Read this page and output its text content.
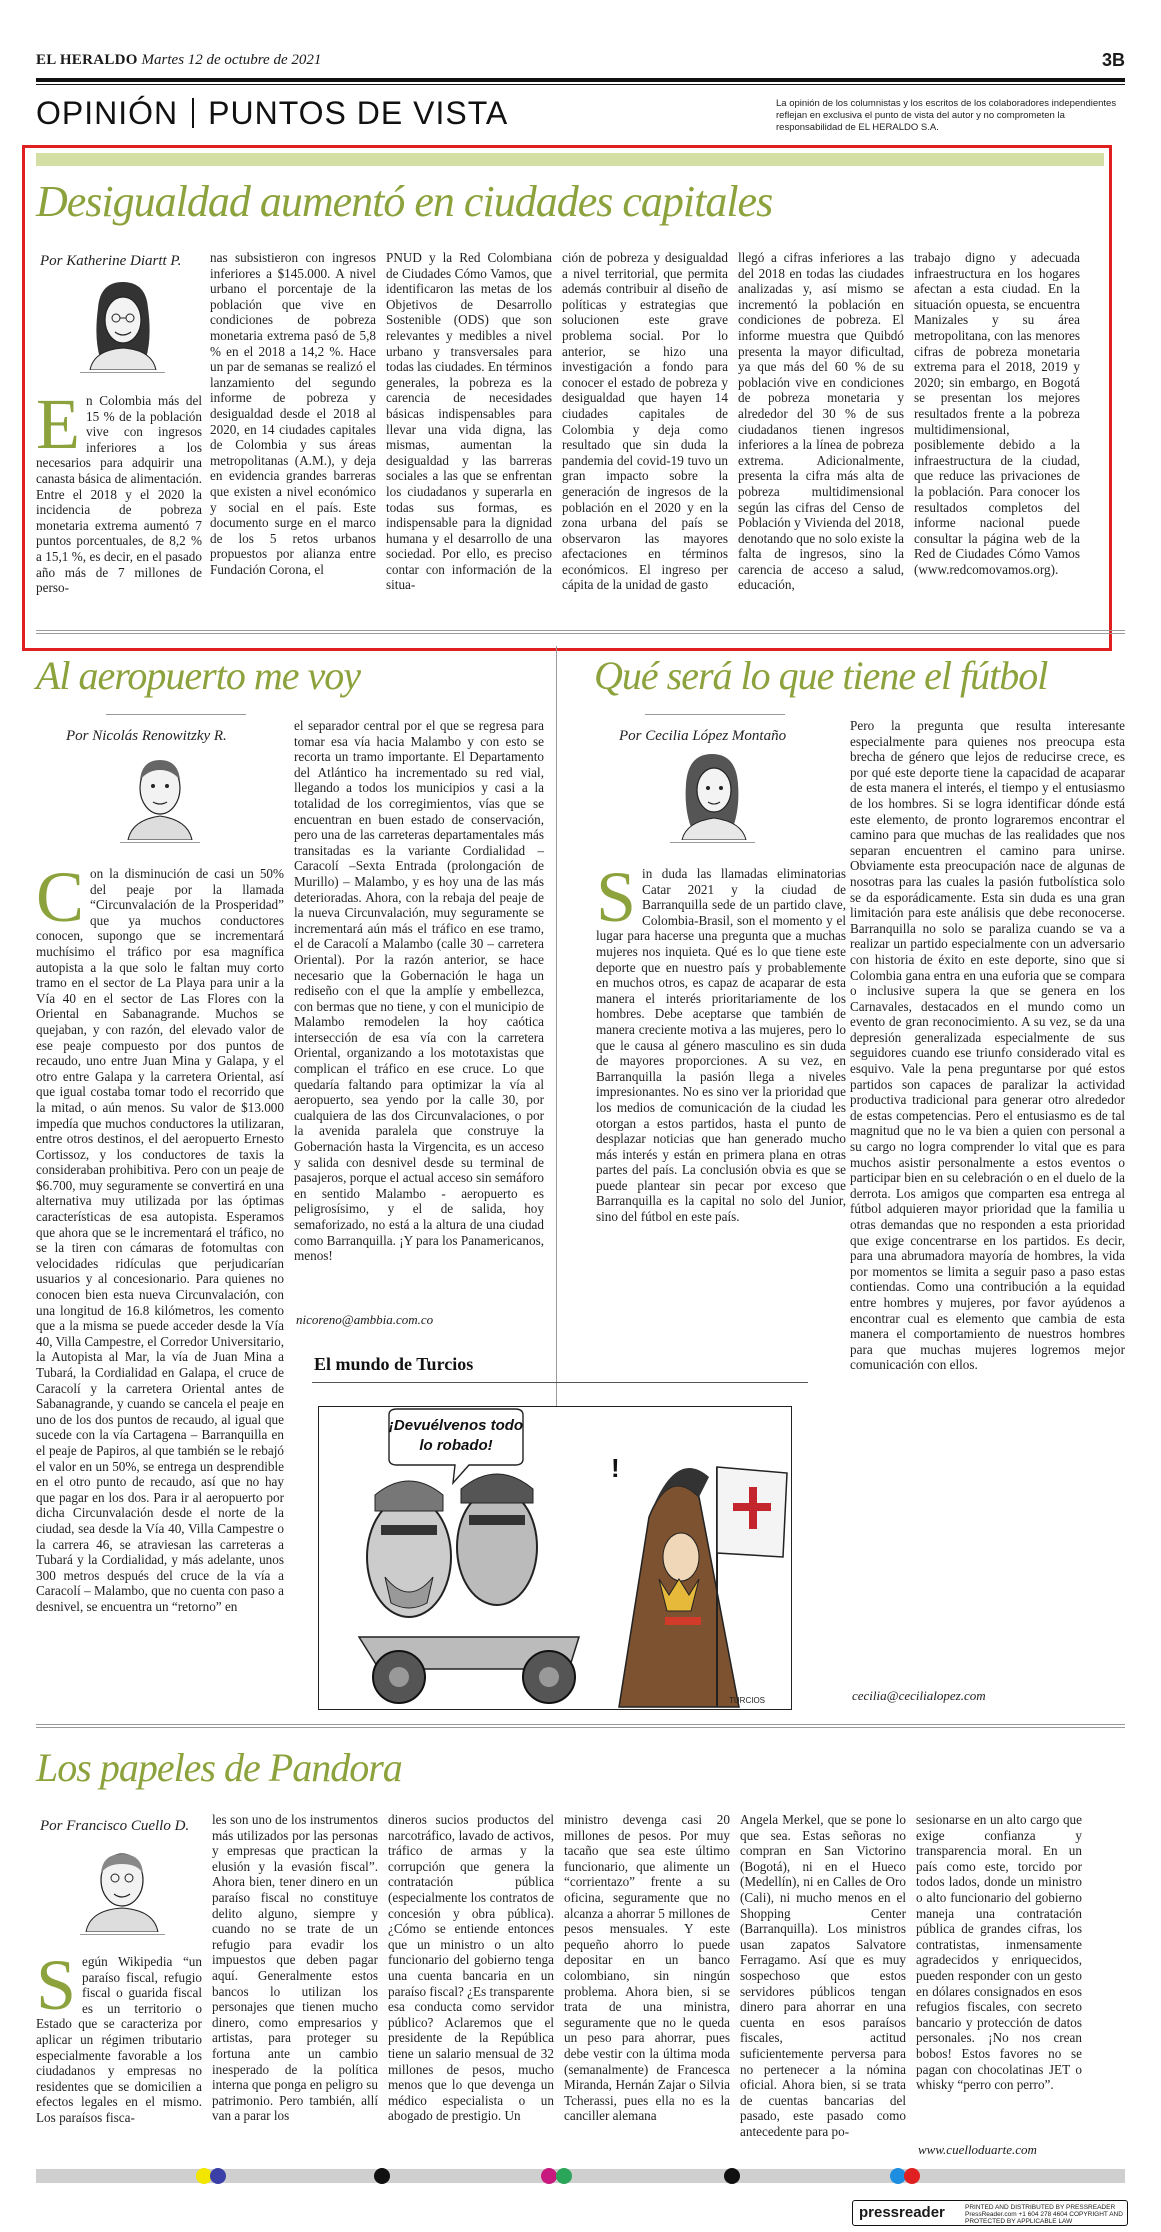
EL HERALDO Martes 12 de octubre de 2021	3B
OPINIÓN PUNTOS DE VISTA	La opinión de los columnistas y los escritos de los colaboradores independientes reflejan en exclusiva el punto de vista del autor y no comprometen la responsabilidad de EL HERALDO S.A.
Desigualdad aumentó en ciudades capitales
Por Katherine Diartt P.
En Colombia más del 15 % de la población vive con ingresos inferiores a los necesarios para adquirir una canasta básica de alimentación. Entre el 2018 y el 2020 la incidencia de pobreza monetaria extrema aumentó 7 puntos porcentuales, de 8,2 % a 15,1 %, es decir, en el pasado año más de 7 millones de perso-
nas subsistieron con ingresos inferiores a $145.000. A nivel urbano el porcentaje de la población que vive en condiciones de pobreza monetaria extrema pasó de 5,8 % en el 2018 a 14,2 %. Hace un par de semanas se realizó el lanzamiento del segundo informe de pobreza y desigualdad desde el 2018 al 2020, en 14 ciudades capitales de Colombia y sus áreas metropolitanas (A.M.), y deja en evidencia grandes barreras que existen a nivel económico y social en el país. Este documento surge en el marco de los 5 retos urbanos propuestos por alianza entre Fundación Corona, el
PNUD y la Red Colombiana de Ciudades Cómo Vamos, que identificaron las metas de los Objetivos de Desarrollo Sostenible (ODS) que son relevantes y medibles a nivel urbano y transversales para todas las ciudades. En términos generales, la pobreza es la carencia de necesidades básicas indispensables para llevar una vida digna, las mismas, aumentan la desigualdad y las barreras sociales a las que se enfrentan los ciudadanos y superarla en todas sus formas, es indispensable para la dignidad humana y el desarrollo de una sociedad. Por ello, es preciso contar con información de la situa-
ción de pobreza y desigualdad a nivel territorial, que permita además contribuir al diseño de políticas y estrategias que solucionen este grave problema social. Por lo anterior, se hizo una investigación a fondo para conocer el estado de pobreza y desigualdad que hayen 14 ciudades capitales de Colombia y deja como resultado que sin duda la pandemia del covid-19 tuvo un gran impacto sobre la generación de ingresos de la población en el 2020 y en la zona urbana del país se observaron las mayores afectaciones en términos económicos. El ingreso per cápita de la unidad de gasto
llegó a cifras inferiores a las del 2018 en todas las ciudades analizadas y, así mismo se incrementó la población en condiciones de pobreza. El informe muestra que Quibdó presenta la mayor dificultad, ya que más del 60 % de su población vive en condiciones de pobreza monetaria y alrededor del 30 % de sus ciudadanos tienen ingresos inferiores a la línea de pobreza extrema. Adicionalmente, presenta la cifra más alta de pobreza multidimensional según las cifras del Censo de Población y Vivienda del 2018, denotando que no solo existe la falta de ingresos, sino la carencia de acceso a salud, educación,
trabajo digno y adecuada infraestructura en los hogares afectan a esta ciudad. En la situación opuesta, se encuentra Manizales y su área metropolitana, con las menores cifras de pobreza monetaria extrema para el 2018, 2019 y 2020; sin embargo, en Bogotá se presentan los mejores resultados frente a la pobreza multidimensional, posiblemente debido a la infraestructura de la ciudad, que reduce las privaciones de la población. Para conocer los resultados completos del informe nacional puede consultar la página web de la Red de Ciudades Cómo Vamos (www.redcomovamos.org).
Al aeropuerto me voy
Por Nicolás Renowitzky R.
Con la disminución de casi un 50% del peaje por la llamada “Circunvalación de la Prosperidad” que ya muchos conductores conocen, supongo que se incrementará muchísimo el tráfico por esa magnífica autopista a la que solo le faltan muy corto tramo en el sector de La Playa para unir a la Vía 40 en el sector de Las Flores con la Oriental en Sabanagrande. Muchos se quejaban, y con razón, del elevado valor de ese peaje compuesto por dos puntos de recaudo, uno entre Juan Mina y Galapa, y el otro entre Galapa y la carretera Oriental, así que igual costaba tomar todo el recorrido que la mitad, o aún menos. Su valor de $13.000 impedía que muchos conductores la utilizaran, entre otros destinos, el del aeropuerto Ernesto Cortissoz, y los conductores de taxis la consideraban prohibitiva. Pero con un peaje de $6.700, muy seguramente se convertirá en una alternativa muy utilizada por las óptimas características de esa autopista. Esperamos que ahora que se le incrementará el tráfico, no se la tiren con cámaras de fotomultas con velocidades ridículas que perjudicarían usuarios y al concesionario. Para quienes no conocen bien esta nueva Circunvalación, con una longitud de 16.8 kilómetros, les comento que a la misma se puede acceder desde la Vía 40, Villa Campestre, el Corredor Universitario, la Autopista al Mar, la vía de Juan Mina a Tubará, la Cordialidad en Galapa, el cruce de Caracolí y la carretera Oriental antes de Sabanagrande, y cuando se cancela el peaje en uno de los dos puntos de recaudo, al igual que sucede con la vía Cartagena – Barranquilla en el peaje de Papiros, al que también se le rebajó el valor en un 50%, se entrega un desprendible en el otro punto de recaudo, así que no hay que pagar en los dos. Para ir al aeropuerto por dicha Circunvalación desde el norte de la ciudad, sea desde la Vía 40, Villa Campestre o la carrera 46, se atraviesan las carreteras a Tubará y la Cordialidad, y más adelante, unos 300 metros después del cruce de la vía a Caracolí – Malambo, que no cuenta con paso a desnivel, se encuentra un “retorno” en
el separador central por el que se regresa para tomar esa vía hacia Malambo y con esto se recorta un tramo importante. El Departamento del Atlántico ha incrementado su red vial, llegando a todos los municipios y casi a la totalidad de los corregimientos, vías que se encuentran en buen estado de conservación, pero una de las carreteras departamentales más transitadas es la variante Cordialidad – Caracolí –Sexta Entrada (prolongación de Murillo) – Malambo, y es hoy una de las más deterioradas. Ahora, con la rebaja del peaje de la nueva Circunvalación, muy seguramente se incrementará aún más el tráfico en ese tramo, el de Caracolí a Malambo (calle 30 – carretera Oriental). Por la razón anterior, se hace necesario que la Gobernación le haga un rediseño con el que la amplíe y embellezca, con bermas que no tiene, y con el municipio de Malambo remodelen la hoy caótica intersección de esa vía con la carretera Oriental, organizando a los mototaxistas que complican el tráfico en ese cruce. Lo que quedaría faltando para optimizar la vía al aeropuerto, sea yendo por la calle 30, por cualquiera de las dos Circunvalaciones, o por la avenida paralela que construye la Gobernación hasta la Virgencita, es un acceso y salida con desnivel desde su terminal de pasajeros, porque el actual acceso sin semáforo en sentido Malambo - aeropuerto es peligrosísimo, y el de salida, hoy semaforizado, no está a la altura de una ciudad como Barranquilla. ¡Y para los Panamericanos, menos!
nicoreno@ambbia.com.co
Qué será lo que tiene el fútbol
Por Cecilia López Montaño
Sin duda las llamadas eliminatorias Catar 2021 y la ciudad de Barranquilla sede de un partido clave, Colombia-Brasil, son el momento y el lugar para hacerse una pregunta que a muchas mujeres nos inquieta. Qué es lo que tiene este deporte que en nuestro país y probablemente en muchos otros, es capaz de acaparar de esta manera el interés prioritariamente de los hombres. Debe aceptarse que también de manera creciente motiva a las mujeres, pero lo que le causa al género masculino es sin duda de mayores proporciones. A su vez, en Barranquilla la pasión llega a niveles impresionantes. No es sino ver la prioridad que los medios de comunicación de la ciudad les otorgan a estos partidos, hasta el punto de desplazar noticias que han generado mucho más interés y están en primera plana en otras partes del país. La conclusión obvia es que se puede plantear sin pecar por exceso que Barranquilla es la capital no solo del Junior, sino del fútbol en este país.
Pero la pregunta que resulta interesante especialmente para quienes nos preocupa esta brecha de género que lejos de reducirse crece, es por qué este deporte tiene la capacidad de acaparar de esta manera el interés, el tiempo y el entusiasmo de los hombres. Si se logra identificar dónde está este elemento, de pronto lograremos encontrar el camino para que muchas de las realidades que nos separan encuentren el camino para unirse. Obviamente esta preocupación nace de algunas de nosotras para las cuales la pasión futbolística solo se da esporádicamente. Esta sin duda es una gran limitación para este análisis que debe reconocerse. Barranquilla no solo se paraliza cuando se va a realizar un partido especialmente con un adversario con historia de éxito en este deporte, sino que si Colombia gana entra en una euforia que se compara o inclusive supera la que se genera en los Carnavales, destacados en el mundo como un evento de gran reconocimiento. A su vez, se da una depresión generalizada especialmente de sus seguidores cuando ese triunfo considerado vital es esquivo. Vale la pena preguntarse por qué estos partidos son capaces de paralizar la actividad productiva tradicional para generar otro alrededor de estas competencias. Pero el entusiasmo es de tal magnitud que no le va bien a quien con personal a su cargo no logra comprender lo vital que es para muchos asistir personalmente a estos eventos o participar bien en su celebración o en el duelo de la derrota. Los amigos que comparten esa entrega al fútbol adquieren mayor prioridad que la familia u otras demandas que no responden a esta prioridad que exige concentrarse en los partidos. Es decir, para una abrumadora mayoría de hombres, la vida por momentos se limita a seguir paso a paso estas contiendas. Como una contribución a la equidad entre hombres y mujeres, por favor ayúdenos a encontrar cual es elemento que cambia de esta manera el comportamiento de nuestros hombres para que muchas mujeres logremos mejor comunicación con ellos.
cecilia@cecilialopez.com
El mundo de Turcios
¡Devuélvenos todo
lo robado!
!
TURCIOS
Los papeles de Pandora
Por Francisco Cuello D.
Según Wikipedia “un paraíso fiscal, refugio fiscal o guarida fiscal es un territorio o Estado que se caracteriza por aplicar un régimen tributario especialmente favorable a los ciudadanos y empresas no residentes que se domicilien a efectos legales en el mismo. Los paraísos fisca-
les son uno de los instrumentos más utilizados por las personas y empresas que practican la elusión y la evasión fiscal”. Ahora bien, tener dinero en un paraíso fiscal no constituye delito alguno, siempre y cuando no se trate de un refugio para evadir los impuestos que deben pagar aquí. Generalmente estos bancos lo utilizan los personajes que tienen mucho dinero, como empresarios y artistas, para proteger su fortuna ante un cambio inesperado de la política interna que ponga en peligro su patrimonio. Pero también, allí van a parar los
dineros sucios productos del narcotráfico, lavado de activos, tráfico de armas y la corrupción que genera la contratación pública (especialmente los contratos de concesión y obra pública). ¿Cómo se entiende entonces que un ministro o un alto funcionario del gobierno tenga una cuenta bancaria en un paraíso fiscal? ¿Es transparente esa conducta como servidor público? Aclaremos que el presidente de la República tiene un salario mensual de 32 millones de pesos, mucho menos que lo que devenga un médico especialista o un abogado de prestigio. Un
ministro devenga casi 20 millones de pesos. Por muy tacaño que sea este último funcionario, que alimente un “corrientazo” frente a su oficina, seguramente que no alcanza a ahorrar 5 millones de pesos mensuales. Y este pequeño ahorro lo puede depositar en un banco colombiano, sin ningún problema. Ahora bien, si se trata de una ministra, seguramente que no le queda un peso para ahorrar, pues debe vestir con la última moda (semanalmente) de Francesca Miranda, Hernán Zajar o Silvia Tcherassi, pues ella no es la canciller alemana
Angela Merkel, que se pone lo que sea. Estas señoras no compran en San Victorino (Bogotá), ni en el Hueco (Medellín), ni en Calles de Oro (Cali), ni mucho menos en el Shopping Center (Barranquilla). Los ministros usan zapatos Salvatore Ferragamo. Así que es muy sospechoso que estos servidores públicos tengan dinero para ahorrar en una cuenta en esos paraísos fiscales, actitud suficientemente perversa para no pertenecer a la nómina oficial. Ahora bien, si se trata de cuentas bancarias del pasado, este pasado como antecedente para po-
sesionarse en un alto cargo que exige confianza y transparencia moral. En un país como este, torcido por todos lados, donde un ministro o alto funcionario del gobierno maneja una contratación pública de grandes cifras, los contratistas, inmensamente agradecidos y enriquecidos, pueden responder con un gesto en dólares consignados en esos refugios fiscales, con secreto bancario y protección de datos personales. ¡No nos crean bobos! Estos favores no se pagan con chocolatinas JET o whisky “perro con perro”.
www.cuelloduarte.com
pressreader	PRINTED AND DISTRIBUTED BY PRESSREADER PressReader.com +1 604 278 4604 COPYRIGHT AND PROTECTED BY APPLICABLE LAW
